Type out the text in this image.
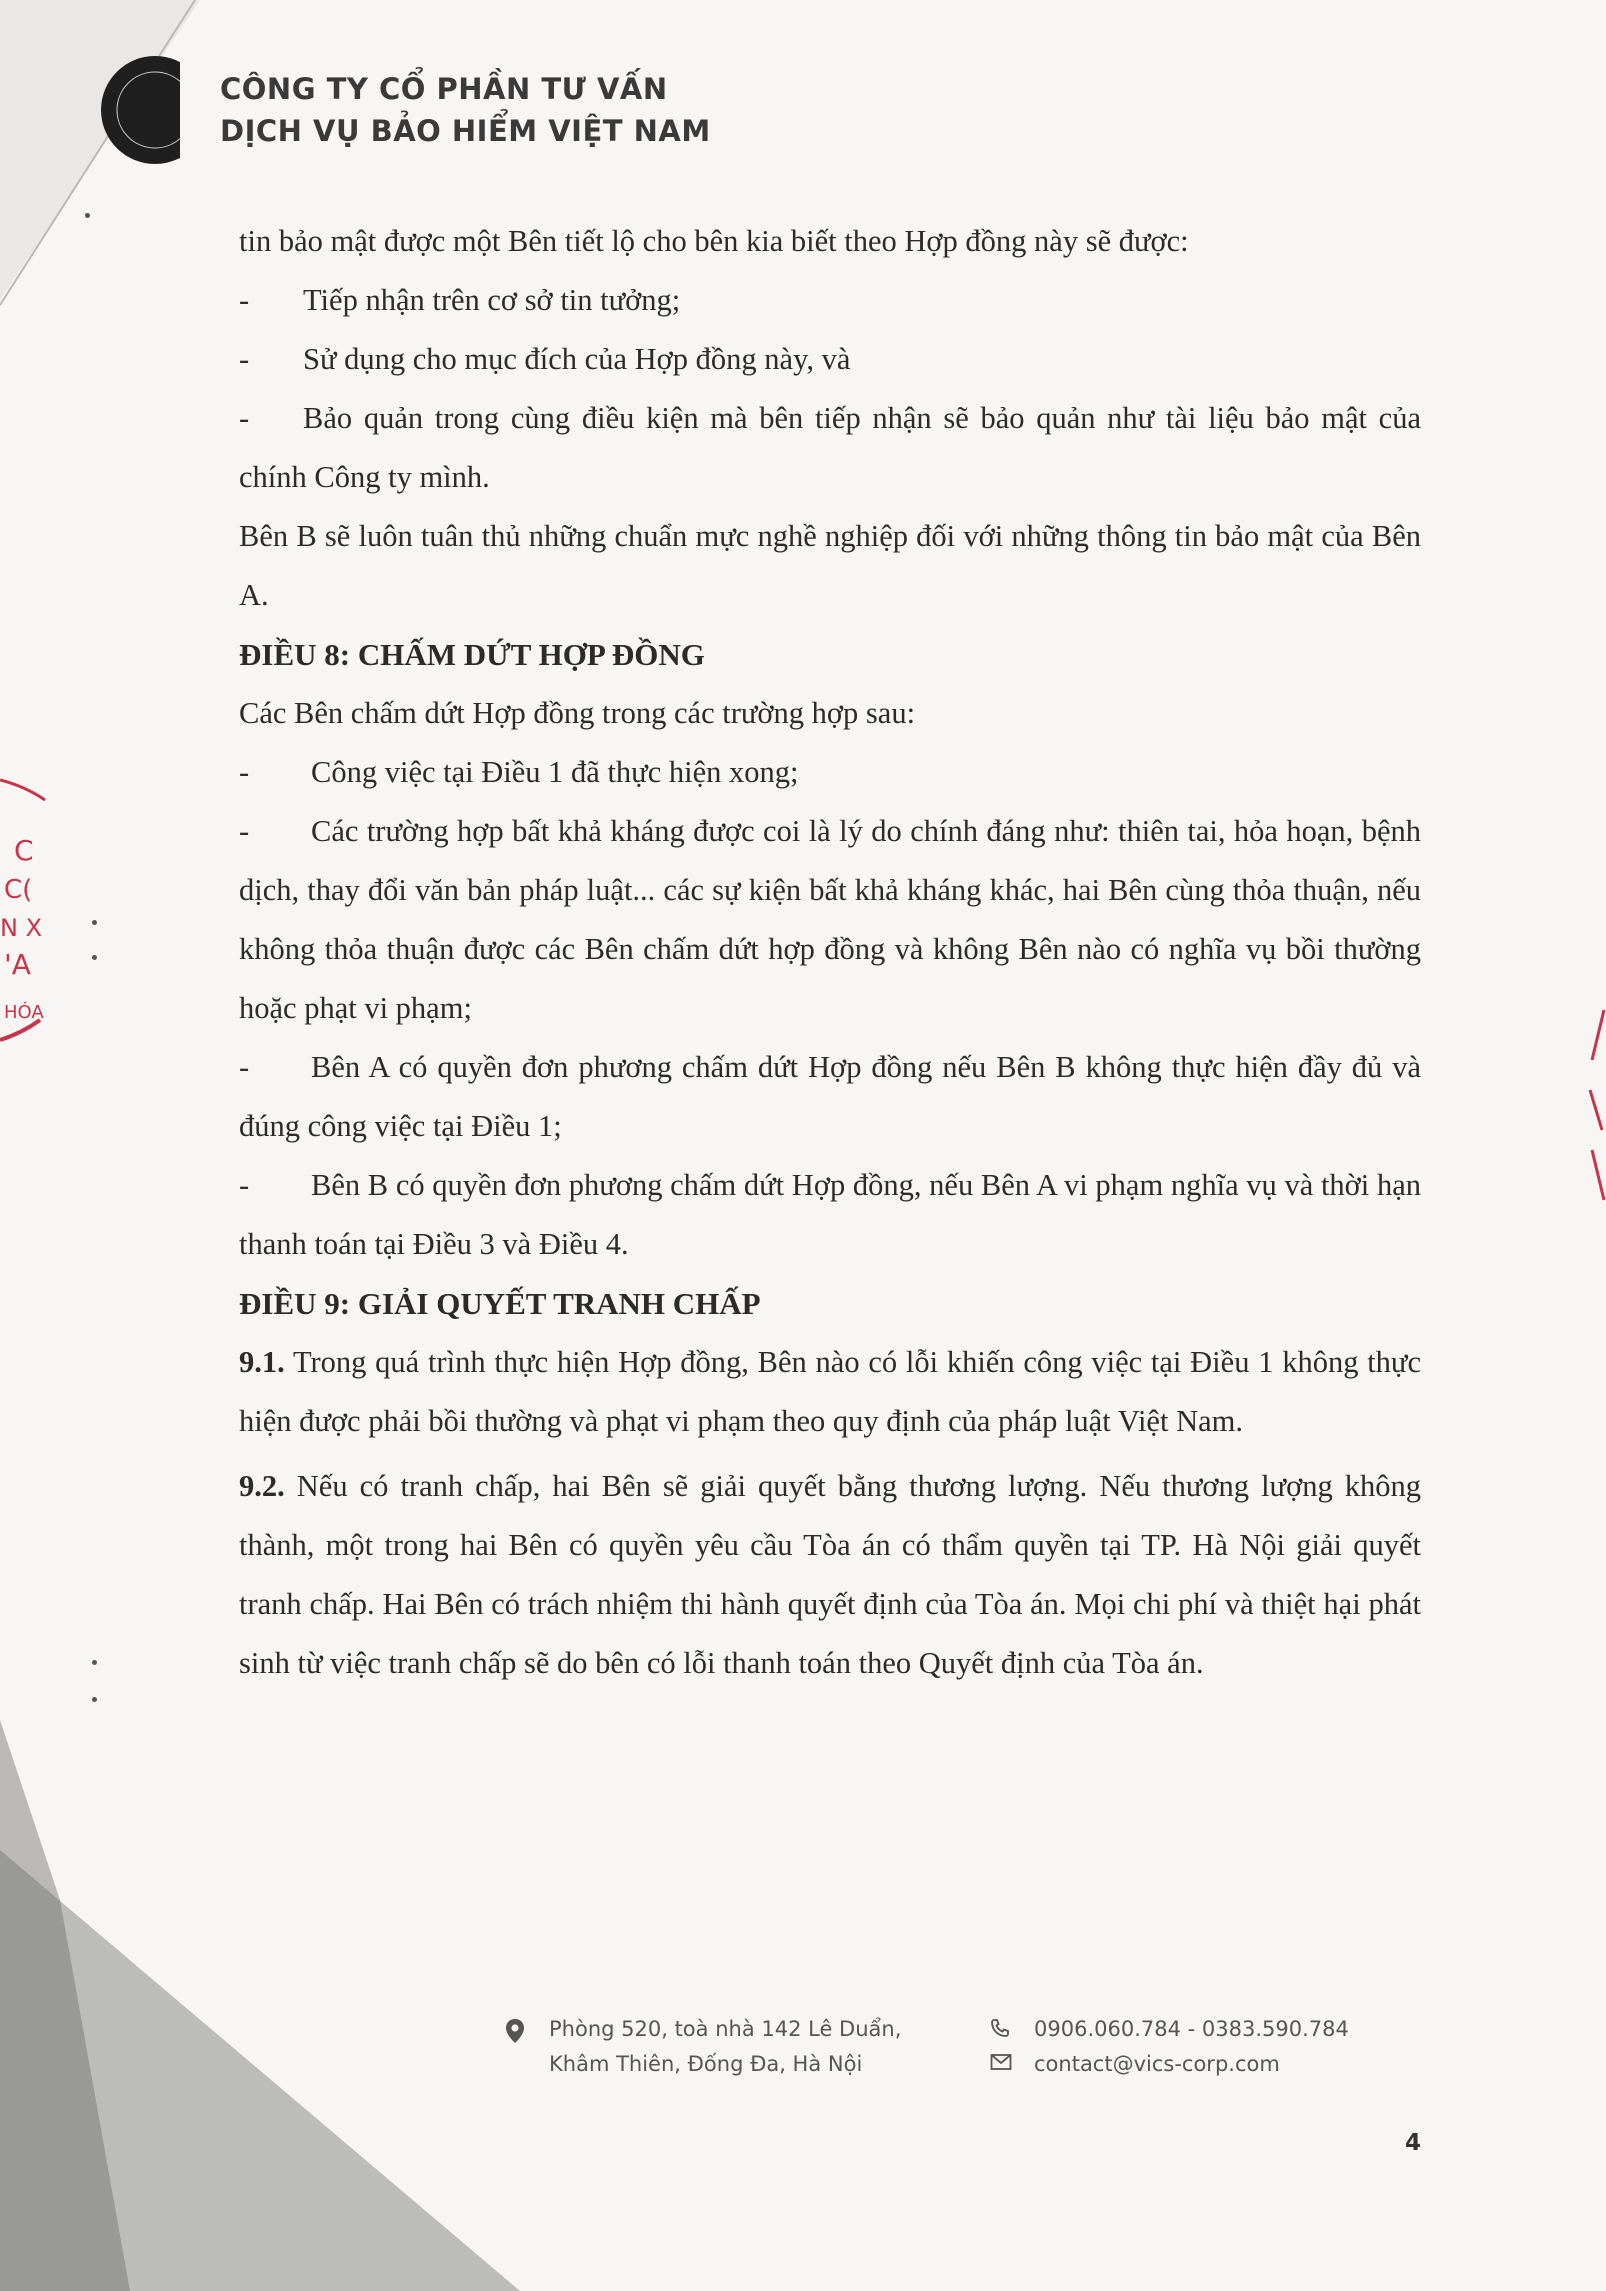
C
C(
N X
'A
HÓA
CÔNG TY CỔ PHẦN TƯ VẤN
DỊCH VỤ BẢO HIỂM VIỆT NAM

tin bảo mật được một Bên tiết lộ cho bên kia biết theo Hợp đồng này sẽ được:

-	Tiếp nhận trên cơ sở tin tưởng;
-	Sử dụng cho mục đích của Hợp đồng này, và

- Bảo quản trong cùng điều kiện mà bên tiếp nhận sẽ bảo quản như tài liệu bảo mật của chính Công ty mình.

Bên B sẽ luôn tuân thủ những chuẩn mực nghề nghiệp đối với những thông tin bảo mật của Bên A.

ĐIỀU 8: CHẤM DỨT HỢP ĐỒNG

Các Bên chấm dứt Hợp đồng trong các trường hợp sau:

- Công việc tại Điều 1 đã thực hiện xong;

- Các trường hợp bất khả kháng được coi là lý do chính đáng như: thiên tai, hỏa hoạn, bệnh dịch, thay đổi văn bản pháp luật... các sự kiện bất khả kháng khác, hai Bên cùng thỏa thuận, nếu không thỏa thuận được các Bên chấm dứt hợp đồng và không Bên nào có nghĩa vụ bồi thường hoặc phạt vi phạm;

- Bên A có quyền đơn phương chấm dứt Hợp đồng nếu Bên B không thực hiện đầy đủ và đúng công việc tại Điều 1;

- Bên B có quyền đơn phương chấm dứt Hợp đồng, nếu Bên A vi phạm nghĩa vụ và thời hạn thanh toán tại Điều 3 và Điều 4.

ĐIỀU 9: GIẢI QUYẾT TRANH CHẤP

9.1. Trong quá trình thực hiện Hợp đồng, Bên nào có lỗi khiến công việc tại Điều 1 không thực hiện được phải bồi thường và phạt vi phạm theo quy định của pháp luật Việt Nam.

9.2. Nếu có tranh chấp, hai Bên sẽ giải quyết bằng thương lượng. Nếu thương lượng không thành, một trong hai Bên có quyền yêu cầu Tòa án có thẩm quyền tại TP. Hà Nội giải quyết tranh chấp. Hai Bên có trách nhiệm thi hành quyết định của Tòa án. Mọi chi phí và thiệt hại phát sinh từ việc tranh chấp sẽ do bên có lỗi thanh toán theo Quyết định của Tòa án.

Phòng 520, toà nhà 142 Lê Duẩn,
Khâm Thiên, Đống Đa, Hà Nội
0906.060.784 - 0383.590.784
contact@vics-corp.com
4
